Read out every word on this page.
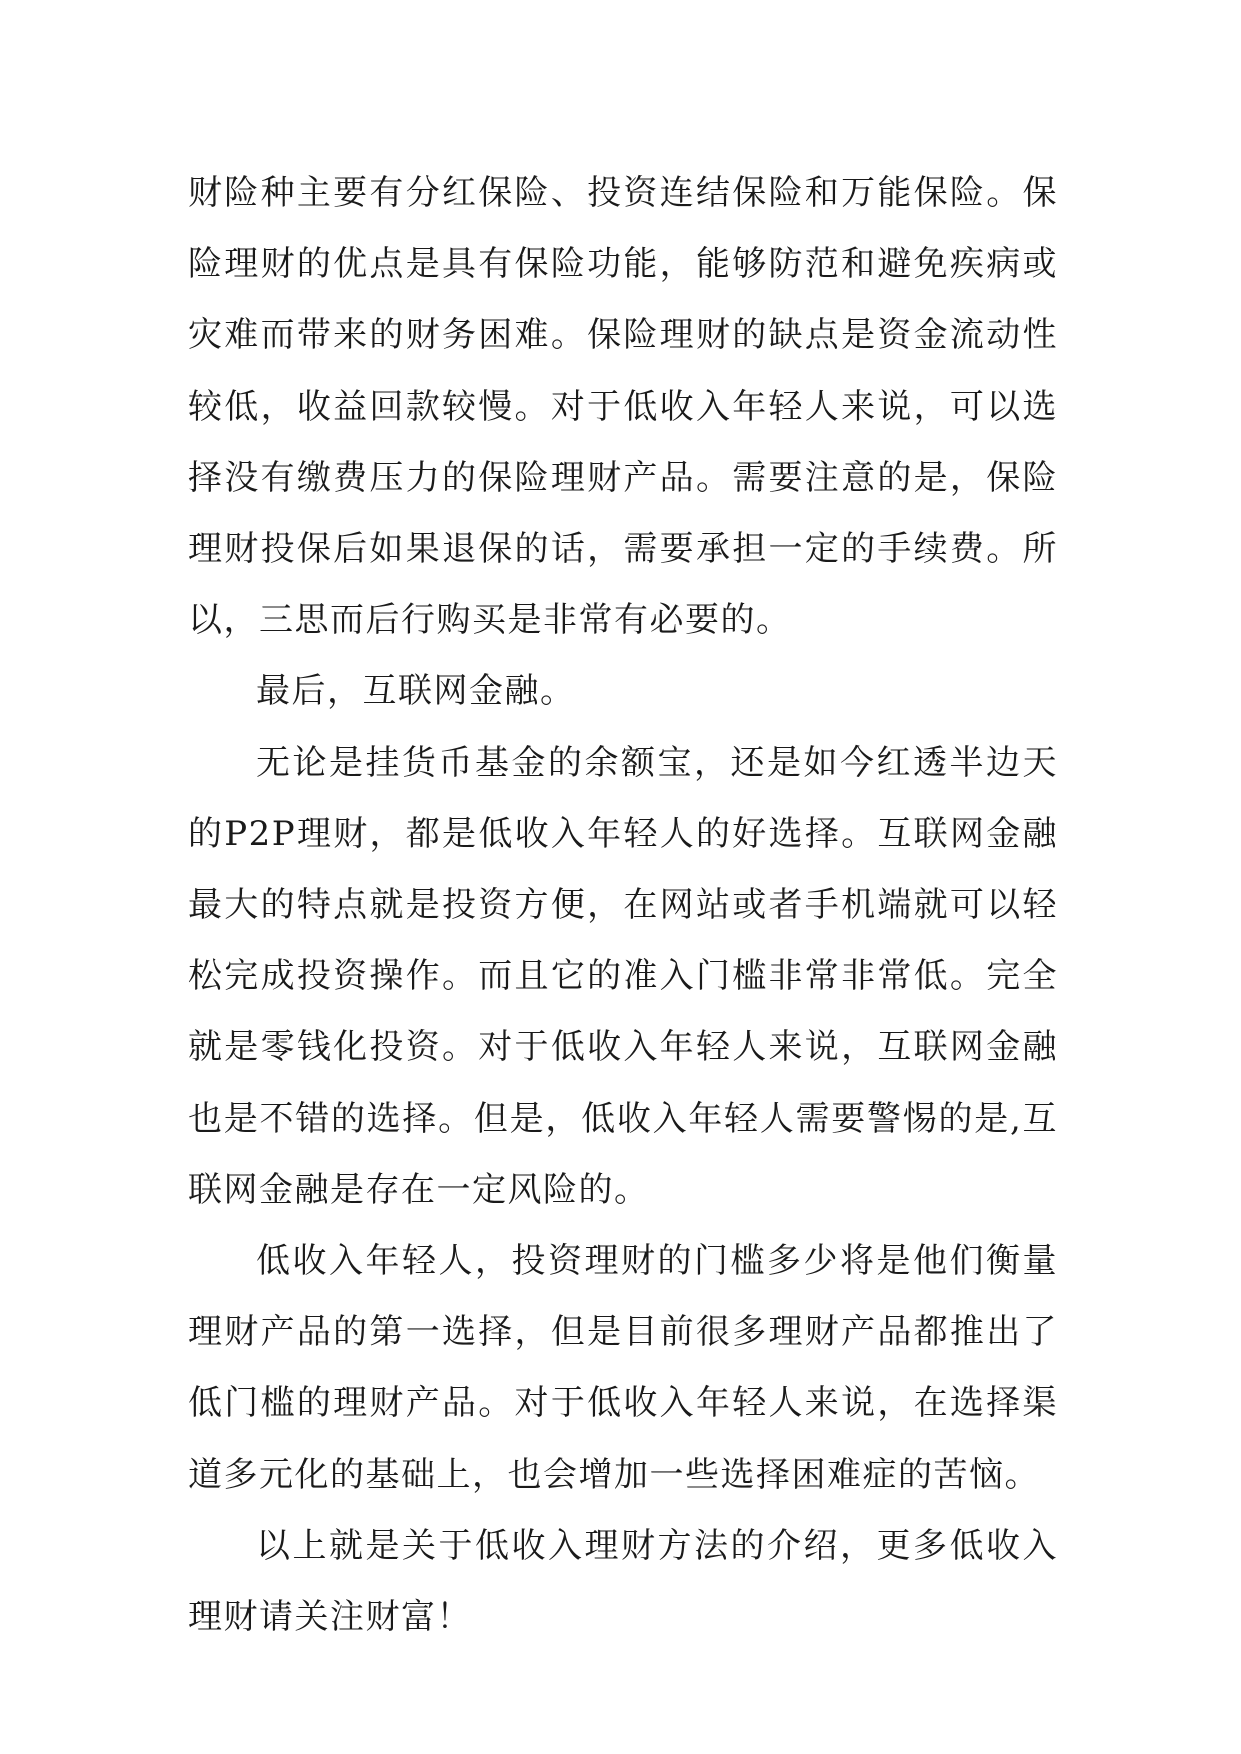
财险种主要有分红保险、投资连结保险和万能保险。保险理财的优点是具有保险功能，能够防范和避免疾病或灾难而带来的财务困难。保险理财的缺点是资金流动性较低，收益回款较慢。对于低收入年轻人来说，可以选择没有缴费压力的保险理财产品。需要注意的是，保险理财投保后如果退保的话，需要承担一定的手续费。所以，三思而后行购买是非常有必要的。

最后，互联网金融。

无论是挂货币基金的余额宝，还是如今红透半边天的P2P理财，都是低收入年轻人的好选择。互联网金融最大的特点就是投资方便，在网站或者手机端就可以轻松完成投资操作。而且它的准入门槛非常非常低。完全就是零钱化投资。对于低收入年轻人来说，互联网金融也是不错的选择。但是，低收入年轻人需要警惕的是,互联网金融是存在一定风险的。

低收入年轻人，投资理财的门槛多少将是他们衡量理财产品的第一选择，但是目前很多理财产品都推出了低门槛的理财产品。对于低收入年轻人来说，在选择渠道多元化的基础上，也会增加一些选择困难症的苦恼。

以上就是关于低收入理财方法的介绍，更多低收入理财请关注财富！
